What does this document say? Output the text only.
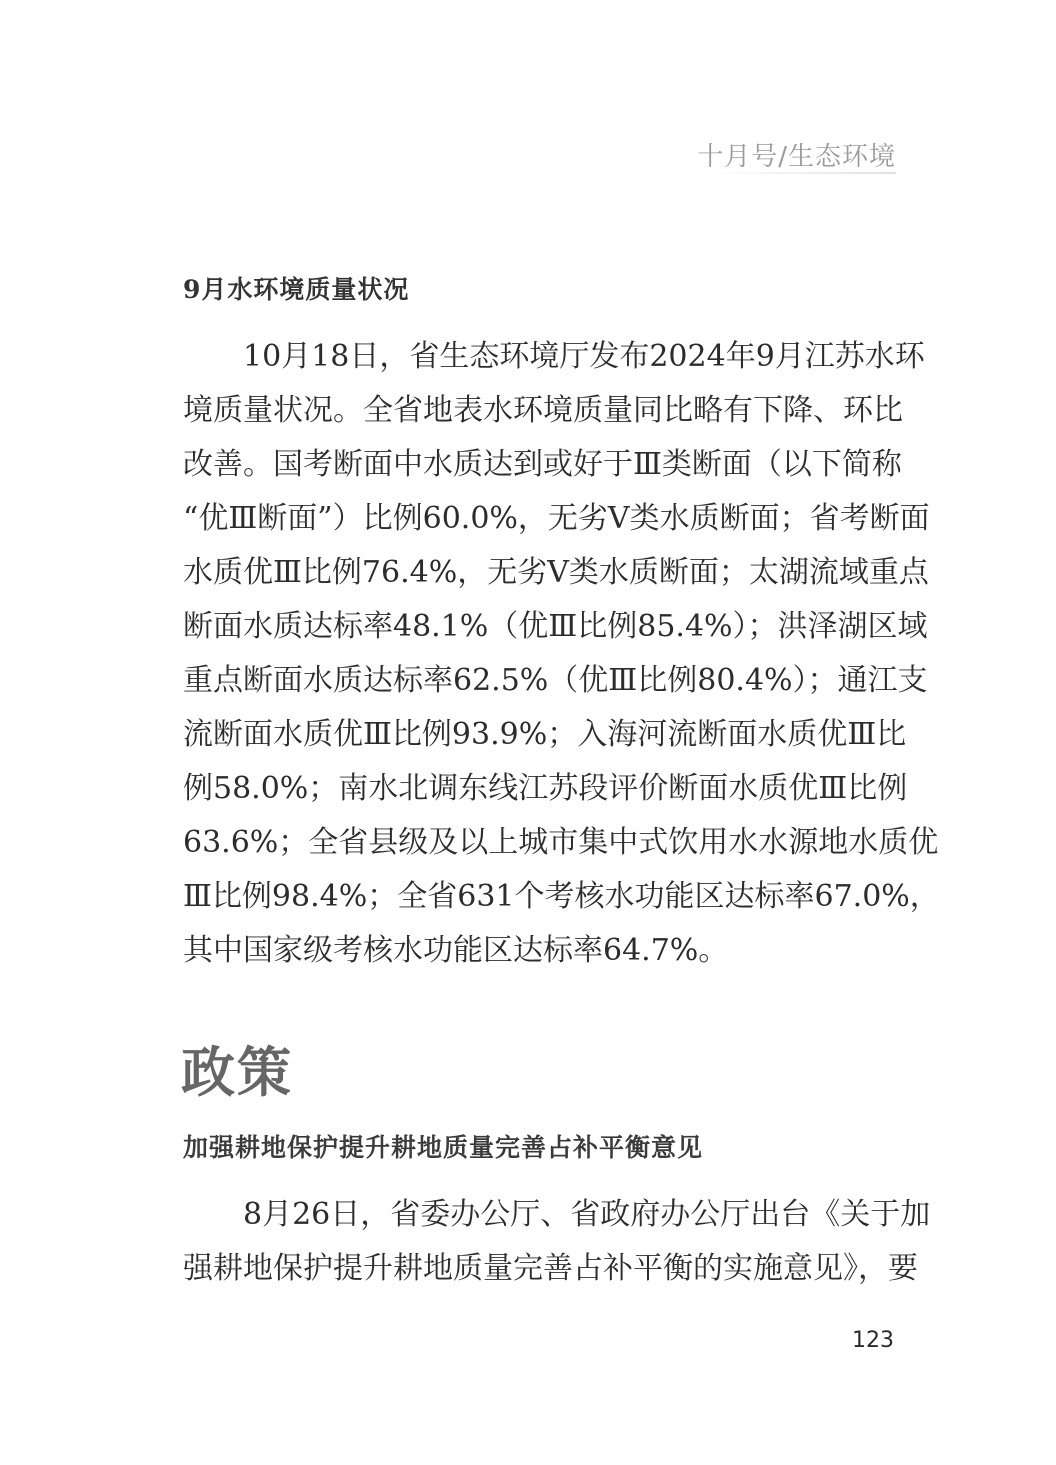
十月号/生态环境
9月水环境质量状况
10月18日，省生态环境厅发布2024年9月江苏水环
境质量状况。全省地表水环境质量同比略有下降、环比
改善。国考断面中水质达到或好于Ⅲ类断面（以下简称
“优Ⅲ断面”）比例60.0%，无劣Ⅴ类水质断面；省考断面
水质优Ⅲ比例76.4%，无劣Ⅴ类水质断面；太湖流域重点
断面水质达标率48.1%（优Ⅲ比例85.4%）；洪泽湖区域
重点断面水质达标率62.5%（优Ⅲ比例80.4%）；通江支
流断面水质优Ⅲ比例93.9%；入海河流断面水质优Ⅲ比
例58.0%；南水北调东线江苏段评价断面水质优Ⅲ比例
63.6%；全省县级及以上城市集中式饮用水水源地水质优
Ⅲ比例98.4%；全省631个考核水功能区达标率67.0%，
其中国家级考核水功能区达标率64.7%。
政策
加强耕地保护提升耕地质量完善占补平衡意见
8月26日，省委办公厅、省政府办公厅出台《关于加
强耕地保护提升耕地质量完善占补平衡的实施意见》，要
123
